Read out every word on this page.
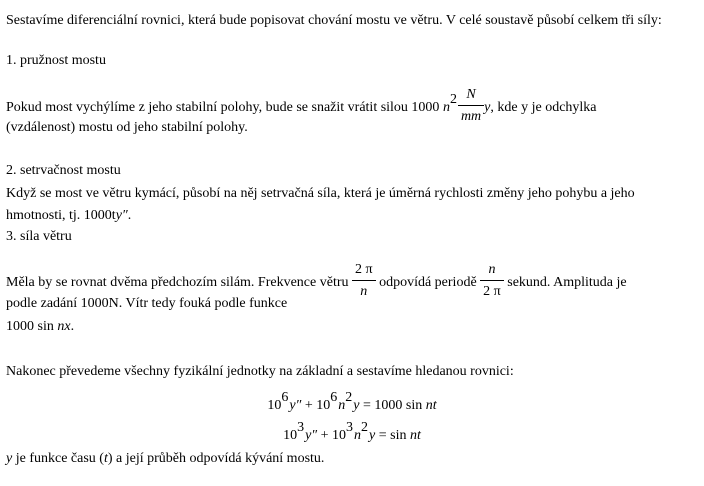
Sestavíme diferenciální rovnici, která bude popisovat chování mostu ve větru. V celé soustavě působí celkem tři síly:
1. pružnost mostu
Pokud most vychýlíme z jeho stabilní polohy, bude se snažit vrátit silou 1000 $n2 \frac{N}{mm} y$, kde y je odchylka
(vzdálenost) mostu od jeho stabilní polohy.
2. setrvačnost mostu
Když se most ve větru kymácí, působí na něj setrvačná síla, která je úměrná rychlosti změny jeho pohybu a jeho
hmotnosti, tj. 1000ty″.
3. síla větru
Měla by se rovnat dvěma předchozím silám. Frekvence větru $\frac{2 \pi}{n}$ odpovídá periodě $\frac{n}{2 \pi}$ sekund. Amplituda je
podle zadání 1000N. Vítr tedy fouká podle funkce
1000 sin nx.
Nakonec převedeme všechny fyzikální jednotky na základní a sestavíme hledanou rovnici:
106y″ + 106n2y = 1000 sin nt
103y″ + 103n2y = sin nt
y je funkce času (t) a její průběh odpovídá kývání mostu.
